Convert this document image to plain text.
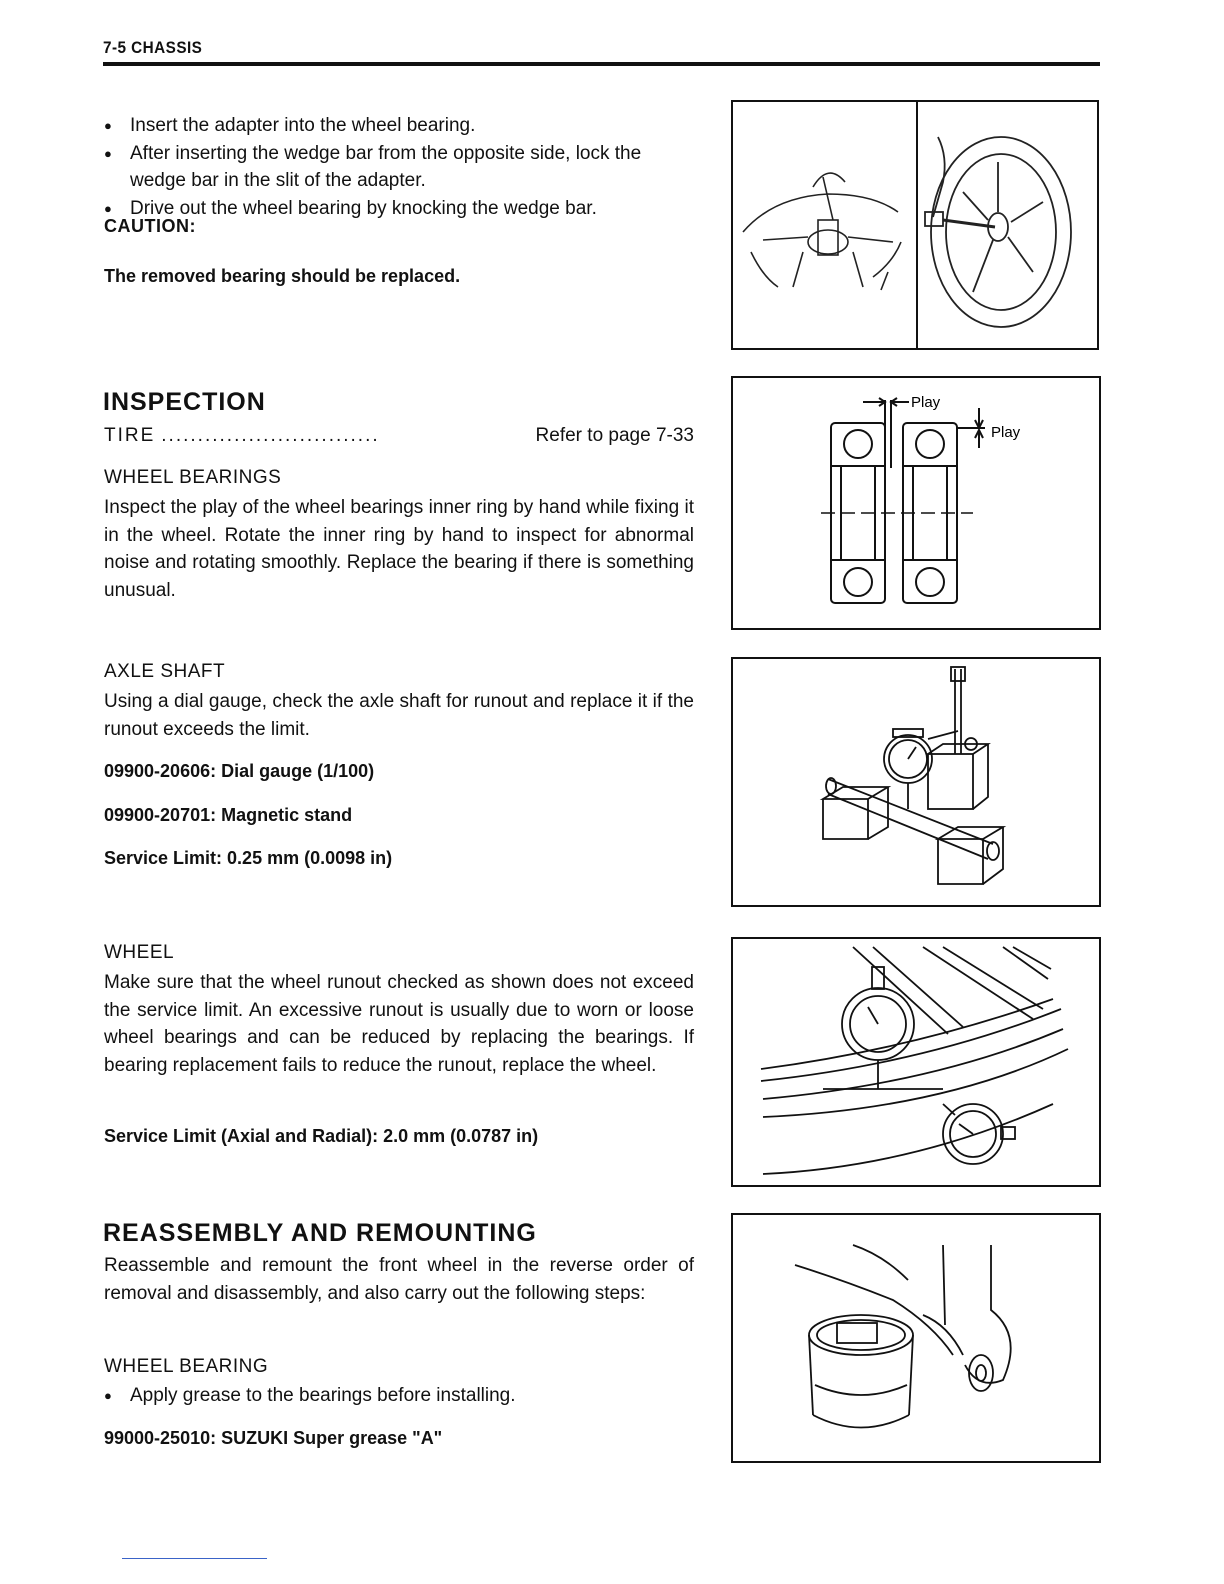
7-5 CHASSIS
● Insert the adapter into the wheel bearing.
● After inserting the wedge bar from the opposite side, lock the wedge bar in the slit of the adapter.
● Drive out the wheel bearing by knocking the wedge bar.
CAUTION:
The removed bearing should be replaced.
INSPECTION
TIRE ..............................	Refer to page 7-33
WHEEL BEARINGS
Inspect the play of the wheel bearings inner ring by hand while fixing it in the wheel. Rotate the inner ring by hand to inspect for abnormal noise and rotating smoothly. Replace the bearing if there is something unusual.
AXLE SHAFT
Using a dial gauge, check the axle shaft for runout and replace it if the runout exceeds the limit.
09900-20606: Dial gauge (1/100)
09900-20701: Magnetic stand
Service Limit: 0.25 mm (0.0098 in)
WHEEL
Make sure that the wheel runout checked as shown does not exceed the service limit. An excessive runout is usually due to worn or loose wheel bearings and can be reduced by replacing the bearings. If bearing replacement fails to reduce the runout, replace the wheel.
Service Limit (Axial and Radial): 2.0 mm (0.0787 in)
REASSEMBLY AND REMOUNTING
Reassemble and remount the front wheel in the reverse order of removal and disassembly, and also carry out the following steps:
WHEEL BEARING
● Apply grease to the bearings before installing.
99000-25010: SUZUKI Super grease "A"
Play
Play
